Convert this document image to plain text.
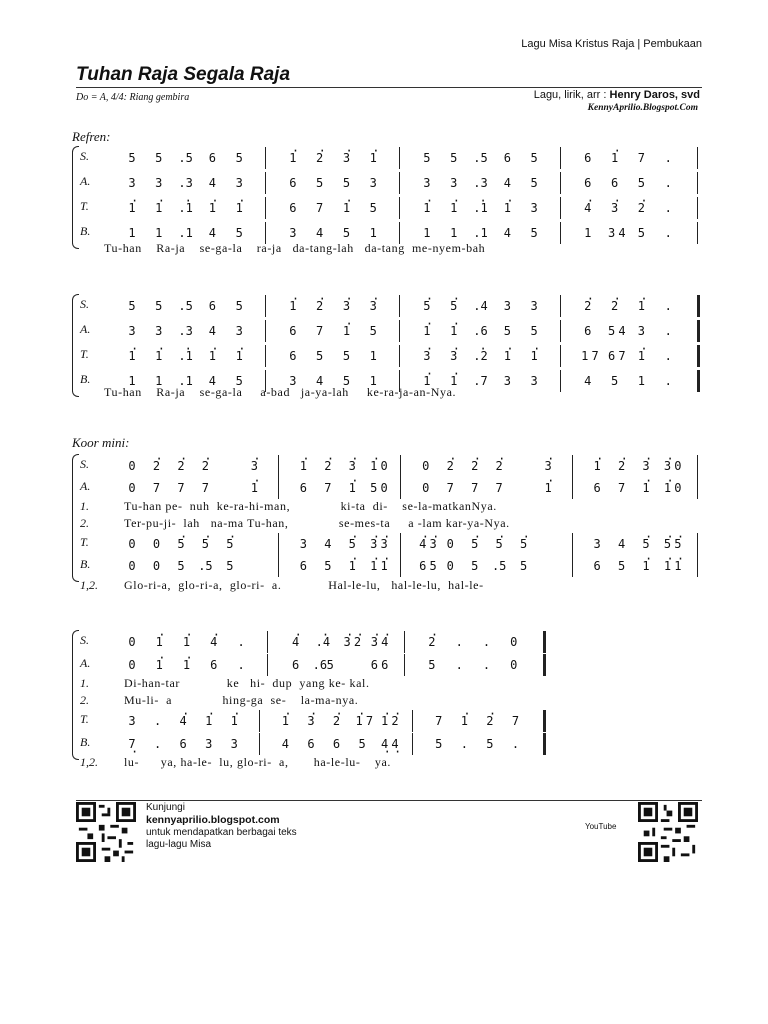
Lagu Misa Kristus Raja | Pembukaan
Tuhan Raja Segala Raja
Do = A, 4/4: Riang gembira	Lagu, lirik, arr : Henry Daros, svd
KennyAprilio.Blogspot.Com
Refren:
Koor mini:
S.	5	5	.5	6	5	· 1	· 2	· 3	· 1	5	5	.5	6	5	6	· 1	7	.
A.	3	3	.3	4	3	6	5	5	3	3	3	.3	4	5	6	6	5	.
T.	· 1	· 1	· .1	· 1	· 1	6	7	· 1	5	· 1	· 1	· .1	· 1	3	· 4	· 3	· 2	.
B.	1	1	.1	4	5	3	4	5	1	1	1	.1	4	5	1	3 4	5	.
Tu-han    Ra-ja    se-ga-la    ra-ja   da-tang-lah   da-tang  me-nyem-bah
S.	5	5	.5	6	5	· 1	· 2	· 3	· 3	· 5	· 5	.4	3	3	· 2	· 2	· 1	.
A.	3	3	.3	4	3	6	7	· 1	5	· 1	· 1	.6	5	5	6	5 4	3	.
T.	· 1	· 1	· .1	· 1	· 1	6	5	5	1	· 3	· 3	· .2	· 1	· 1	1 7 6 7	· 1	.
B.	1	1	.1	4	5	3	4	5	1	· 1	· 1	.7	3	3	4	5	1	.
Tu-han    Ra-ja    se-ga-la     a-bad   ja-ya-lah     ke-ra-ja-an-Nya.
S.	0	· 2	· 2	· 2	· 3	· 1	· 2	· 3	· 1 0	0	· 2	· 2	· 2	· 3	· 1	· 2	· 3	· 3 0
A.	0	7	7	7	· 1	6	7	· 1	5 0	0	7	7	7	· 1	6	7	· 1	· 1 0
T.	0	0	· 5	· 5	· 5	3	4	· 5	· 3 · 3	· 4 · 3 0	· 5	· 5	· 5	3	4	· 5	· 5 · 5
B.	0	0	5	.5	5	6	5	· 1	· 1 · 1	6 5 0	5	.5	5	6	5	· 1	· 1 · 1
1.	Tu-han pe-  nuh  ke-ra-hi-man,              ki-ta  di-    se-la-matkanNya.
2.	Ter-pu-ji-  lah   na-ma Tu-han,              se-mes-ta     a -lam kar-ya-Nya.
1,2.	Glo-ri-a,  glo-ri-a,  glo-ri-  a.             Hal-le-lu,   hal-le-lu,  hal-le-
S.	0	· 1	· 1	· 4	.	· 4	· .4	· 3 · 2 · 3 · 4	· 2	.	.	0
A.	0	· 1	· 1	6	.	6	.6 5	6 6	5	.	.	0
T.	3	.	· 4	· 1	· 1	· 1	· 3	· 2	· 1 7 · 1 · 2	7	· 1	· 2	7
B.	7 ·	.	6	3	3	4	6	6	5	4 · 4 ·	5	.	5	.
1.	Di-han-tar             ke   hi-  dup  yang ke- kal.
2.	Mu-li-  a              hing-ga  se-    la-ma-nya.
1,2.	lu-      ya, ha-le-  lu, glo-ri-  a,       ha-le-lu-    ya.
Kunjungi
kennyaprilio.blogspot.com
untuk mendapatkan berbagai teks
lagu-lagu Misa
YouTube
